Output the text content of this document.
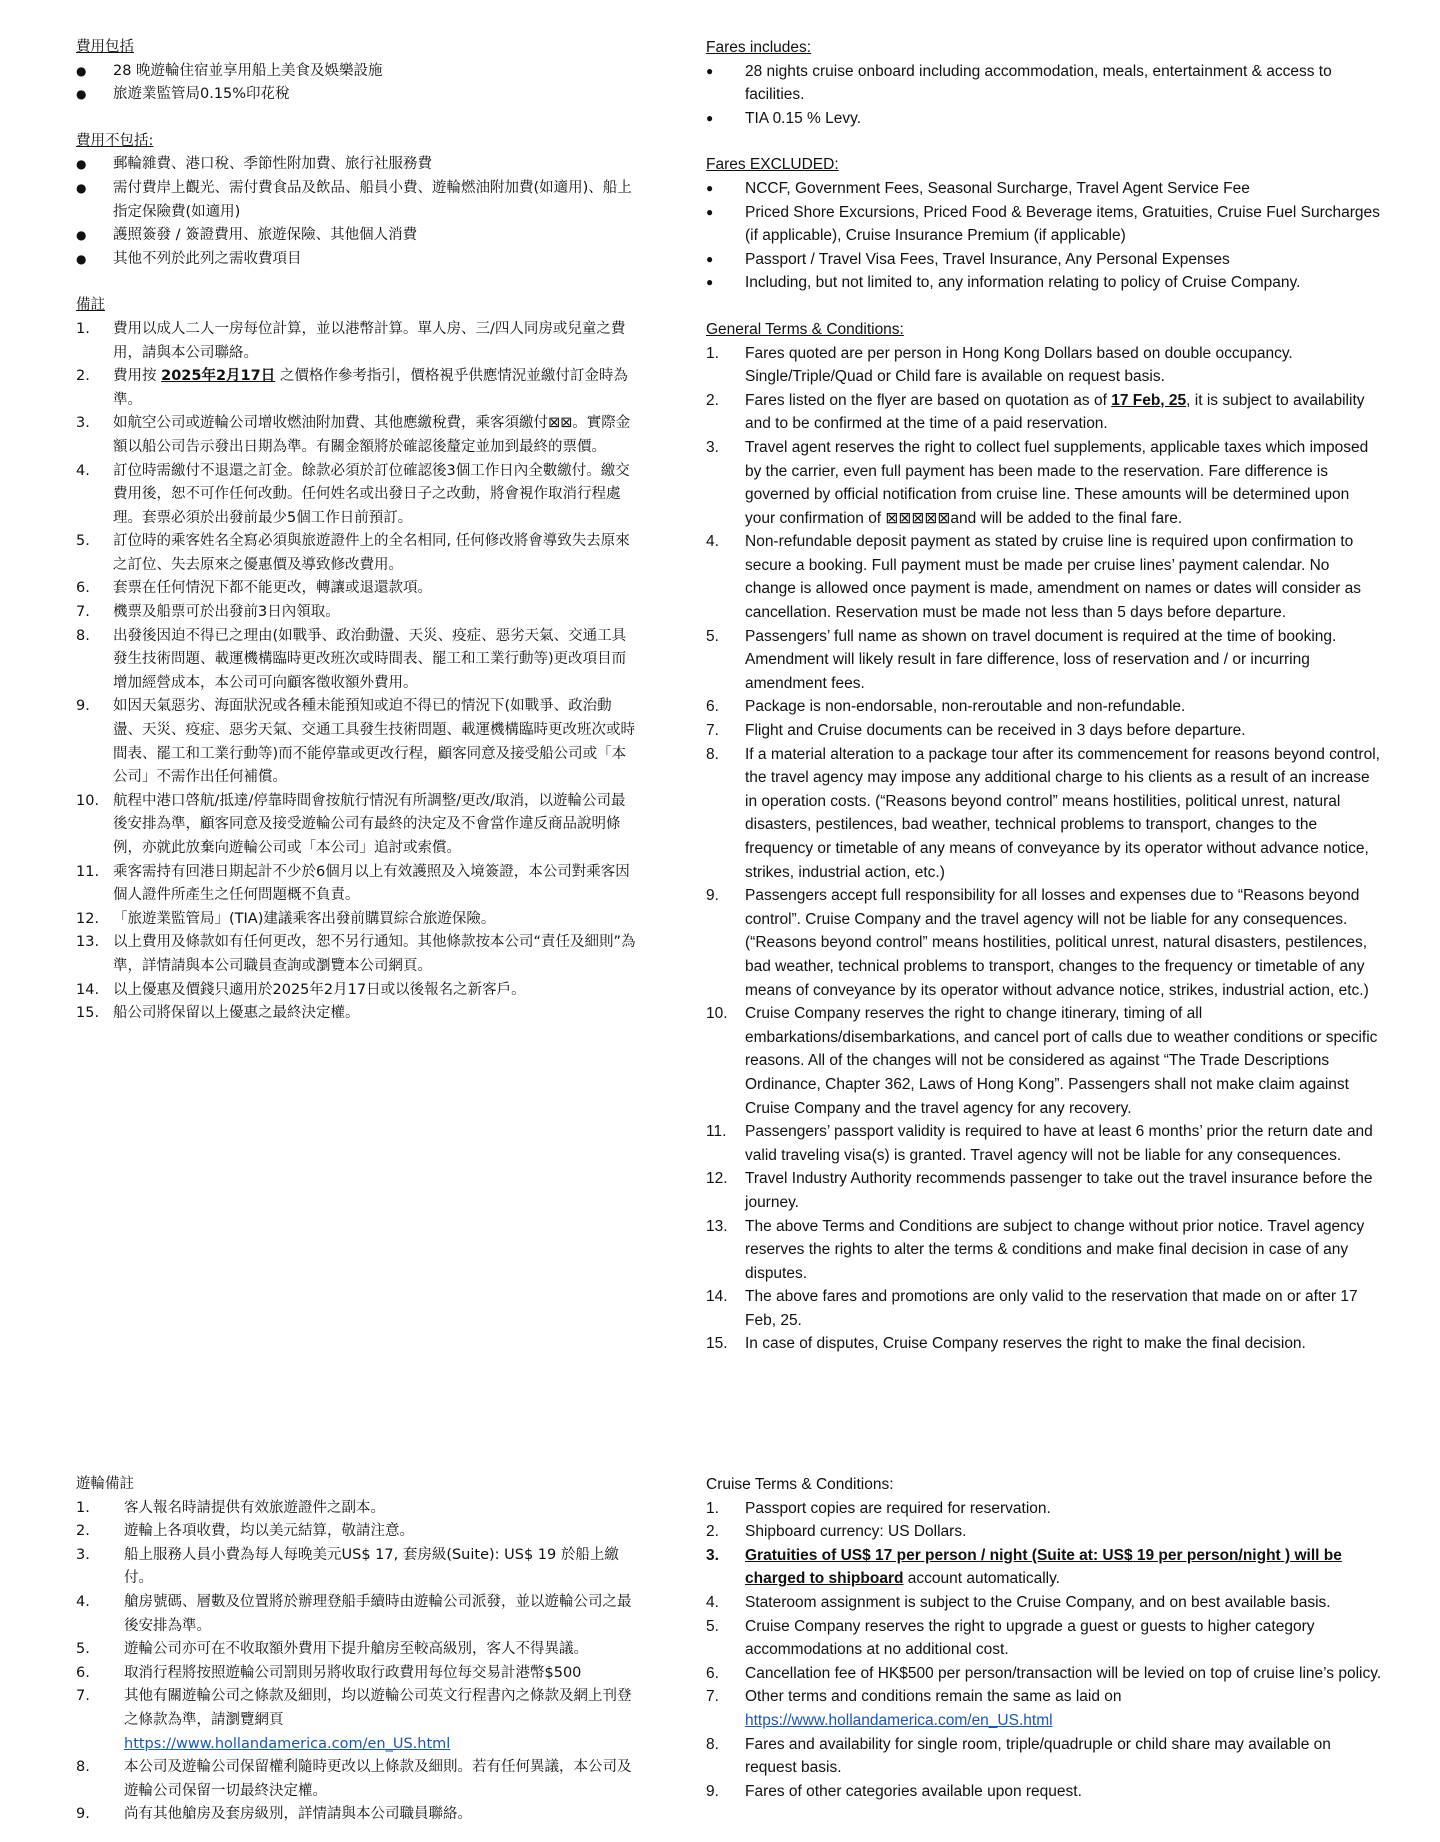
費用包括

● 28 晚遊輪住宿並享用船上美食及娛樂設施
● 旅遊業監管局0.15%印花稅

費用不包括:

● 郵輪雜費、港口稅、季節性附加費、旅行社服務費
● 需付費岸上觀光、需付費食品及飲品、船員小費、遊輪燃油附加費(如適用)、船上指定保險費(如適用)
● 護照簽發 / 簽證費用、旅遊保險、其他個人消費
● 其他不列於此列之需收費項目

備註

1. 費用以成人二人一房每位計算，並以港幣計算。單人房、三/四人同房或兒童之費用，請與本公司聯絡。
2. 費用按 2025年2月17日 之價格作參考指引，價格視乎供應情況並繳付訂金時為準。
3. 如航空公司或遊輪公司增收燃油附加費、其他應繳稅費，乘客須繳付⊠⊠。實際金額以船公司告示發出日期為準。有關金額將於確認後釐定並加到最終的票價。
4. 訂位時需繳付不退還之訂金。餘款必須於訂位確認後3個工作日內全數繳付。繳交費用後，恕不可作任何改動。任何姓名或出發日子之改動，將會視作取消行程處理。套票必須於出發前最少5個工作日前預訂。
5. 訂位時的乘客姓名全寫必須與旅遊證件上的全名相同, 任何修改將會導致失去原來之訂位、失去原來之優惠價及導致修改費用。
6. 套票在任何情況下都不能更改，轉讓或退還款項。
7. 機票及船票可於出發前3日內領取。
8. 出發後因迫不得已之理由(如戰爭、政治動盪、天災、疫症、惡劣天氣、交通工具發生技術問題、載運機構臨時更改班次或時間表、罷工和工業行動等)更改項目而增加經營成本，本公司可向顧客徵收額外費用。
9. 如因天氣惡劣、海面狀況或各種未能預知或迫不得已的情況下(如戰爭、政治動盪、天災、疫症、惡劣天氣、交通工具發生技術問題、載運機構臨時更改班次或時間表、罷工和工業行動等)而不能停靠或更改行程，顧客同意及接受船公司或「本公司」不需作出任何補償。
10. 航程中港口啓航/抵達/停靠時間會按航行情況有所調整/更改/取消，以遊輪公司最後安排為準，顧客同意及接受遊輪公司有最終的決定及不會當作違反商品說明條例，亦就此放棄向遊輪公司或「本公司」追討或索償。
11. 乘客需持有回港日期起計不少於6個月以上有效護照及入境簽證，本公司對乘客因個人證件所產生之任何問題概不負責。
12. 「旅遊業監管局」(TIA)建議乘客出發前購買綜合旅遊保險。
13. 以上費用及條款如有任何更改，恕不另行通知。其他條款按本公司“責任及細則”為準，詳情請與本公司職員查詢或瀏覽本公司網頁。
14. 以上優惠及價錢只適用於2025年2月17日或以後報名之新客戶。
15. 船公司將保留以上優惠之最終決定權。

遊輪備註

1. 客人報名時請提供有效旅遊證件之副本。
2. 遊輪上各項收費，均以美元結算，敬請注意。
3. 船上服務人員小費為每人每晚美元US$ 17, 套房級(Suite): US$ 19 於船上繳付。
4. 艙房號碼、層數及位置將於辦理登船手續時由遊輪公司派發，並以遊輪公司之最後安排為準。
5. 遊輪公司亦可在不收取額外費用下提升艙房至較高級別，客人不得異議。
6. 取消行程將按照遊輪公司罰則另將收取行政費用每位每交易計港幣$500
7. 其他有關遊輪公司之條款及細則，均以遊輪公司英文行程書內之條款及網上刊登之條款為準，請瀏覽網頁
https://www.hollandamerica.com/en_US.html
8. 本公司及遊輪公司保留權利隨時更改以上條款及細則。若有任何異議，本公司及遊輪公司保留一切最終決定權。
9. 尚有其他艙房及套房級別，詳情請與本公司職員聯絡。

Fares includes:

● 28 nights cruise onboard including accommodation, meals, entertainment & access to facilities.
● TIA 0.15 % Levy.

Fares EXCLUDED:

● NCCF, Government Fees, Seasonal Surcharge, Travel Agent Service Fee
● Priced Shore Excursions, Priced Food & Beverage items, Gratuities, Cruise Fuel Surcharges (if applicable), Cruise Insurance Premium (if applicable)
● Passport / Travel Visa Fees, Travel Insurance, Any Personal Expenses
● Including, but not limited to, any information relating to policy of Cruise Company.

General Terms & Conditions:

1. Fares quoted are per person in Hong Kong Dollars based on double occupancy. Single/Triple/Quad or Child fare is available on request basis.
2. Fares listed on the flyer are based on quotation as of 17 Feb, 25, it is subject to availability and to be confirmed at the time of a paid reservation.
3. Travel agent reserves the right to collect fuel supplements, applicable taxes which imposed by the carrier, even full payment has been made to the reservation. Fare difference is governed by official notification from cruise line. These amounts will be determined upon your confirmation of ⊠⊠⊠⊠⊠and will be added to the final fare.
4. Non-refundable deposit payment as stated by cruise line is required upon confirmation to secure a booking. Full payment must be made per cruise lines’ payment calendar. No change is allowed once payment is made, amendment on names or dates will consider as cancellation. Reservation must be made not less than 5 days before departure.
5. Passengers’ full name as shown on travel document is required at the time of booking. Amendment will likely result in fare difference, loss of reservation and / or incurring amendment fees.
6. Package is non-endorsable, non-reroutable and non-refundable.
7. Flight and Cruise documents can be received in 3 days before departure.
8. If a material alteration to a package tour after its commencement for reasons beyond control, the travel agency may impose any additional charge to his clients as a result of an increase in operation costs. (“Reasons beyond control” means hostilities, political unrest, natural disasters, pestilences, bad weather, technical problems to transport, changes to the frequency or timetable of any means of conveyance by its operator without advance notice, strikes, industrial action, etc.)
9. Passengers accept full responsibility for all losses and expenses due to “Reasons beyond control”. Cruise Company and the travel agency will not be liable for any consequences. (“Reasons beyond control” means hostilities, political unrest, natural disasters, pestilences, bad weather, technical problems to transport, changes to the frequency or timetable of any means of conveyance by its operator without advance notice, strikes, industrial action, etc.)
10. Cruise Company reserves the right to change itinerary, timing of all embarkations/disembarkations, and cancel port of calls due to weather conditions or specific reasons. All of the changes will not be considered as against “The Trade Descriptions Ordinance, Chapter 362, Laws of Hong Kong”. Passengers shall not make claim against Cruise Company and the travel agency for any recovery.
11. Passengers’ passport validity is required to have at least 6 months’ prior the return date and valid traveling visa(s) is granted. Travel agency will not be liable for any consequences.
12. Travel Industry Authority recommends passenger to take out the travel insurance before the journey.
13. The above Terms and Conditions are subject to change without prior notice. Travel agency reserves the rights to alter the terms & conditions and make final decision in case of any disputes.
14. The above fares and promotions are only valid to the reservation that made on or after 17 Feb, 25.
15. In case of disputes, Cruise Company reserves the right to make the final decision.

Cruise Terms & Conditions:

1. Passport copies are required for reservation.
2. Shipboard currency: US Dollars.
3. Gratuities of US$ 17 per person / night (Suite at: US$ 19 per person/night ) will be charged to shipboard account automatically.
4. Stateroom assignment is subject to the Cruise Company, and on best available basis.
5. Cruise Company reserves the right to upgrade a guest or guests to higher category accommodations at no additional cost.
6. Cancellation fee of HK$500 per person/transaction will be levied on top of cruise line’s policy.
7. Other terms and conditions remain the same as laid on
https://www.hollandamerica.com/en_US.html
8. Fares and availability for single room, triple/quadruple or child share may available on request basis.
9. Fares of other categories available upon request.
